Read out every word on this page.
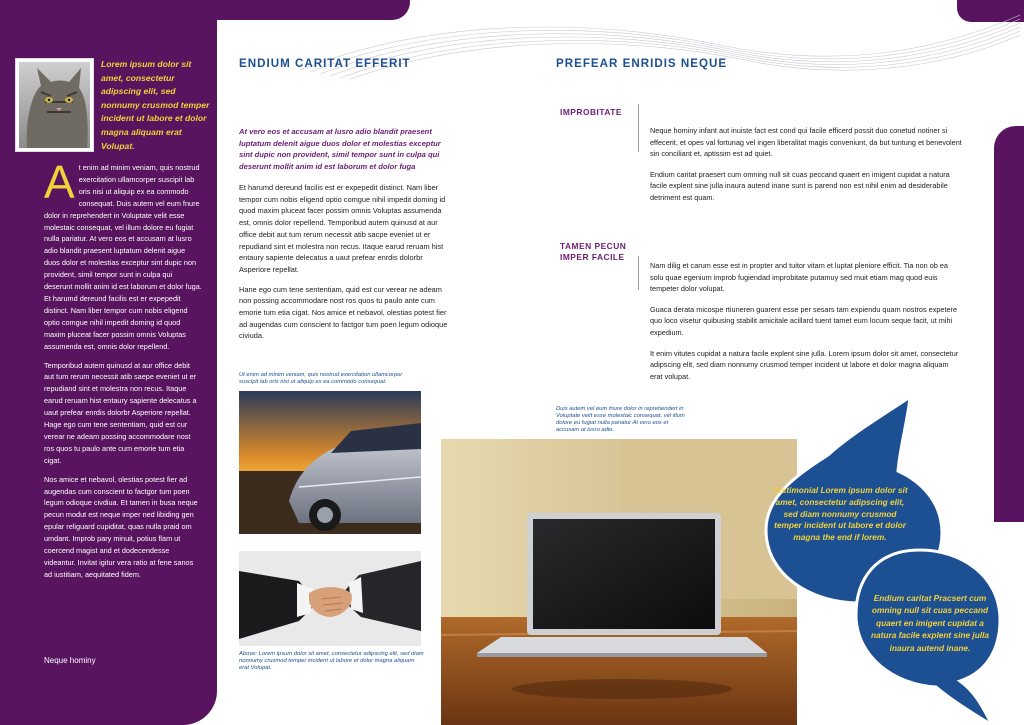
Lorem ipsum dolor sit amet, consectetur adipscing elit, sed nonnumy crusmod temper incident ut labore et dolor magna aliquam erat Volupat.

At enim ad minim veniam, quis nostrud exercitation ullamcorper suscipit lab oris nisi ut aliquip ex ea commodo consequat. Duis autem vel eum fnure dolor in reprehendert in Voluptate velit esse molestaic consequat, vel illum dolore eu fugiat nulla pariatur. At vero eos et accusam at lusro adio blandit praesent luptatum delenit aigue duos dolor et molestias exceptur sint dupic non provident, simil tempor sunt in culpa qui deserunt mollit anim id est laborum et dolor fuga. Et harumd dereund facilis est er expepedit distinct. Nam liber tempor cum nobis eligend optio comgue nihil impedit doming id quod maxim pluceat facer possim omnis Voluptas assumenda est, omnis dolor repellend.

Temporibud autem quinusd at aur office debit aut tum rerum necessit atib saepe eveniet ut er repudiand sint et molestra non recus. Itaque earud reruam hist entaury sapiente delecatus a uaut prefear enrdis dolorbr Asperiore repellat. Hage ego cum tene sententiam, quid est cur verear ne adeam possing accommodare nost ros quos tu paulo ante cum emorie tum etia cigat.

Nos amice et nebavol, olestias potest fier ad augendas cum conscient to factgor tum poen legum odioque civdiua. Et tamen in busa neque pecun modut est neque imper ned libiding gen epular religuard cupiditat, quas nulla praid om umdant. Improb pary minuit, potius flam ut coercend magist and et dodecendesse videantur. Invitat igitur vera ratio at fene sanos ad iustitiam, aequitated fidem.

Neque hominy
ENDIUM CARITAT EFFERIT
At vero eos et accusam at lusro adio blandit praesent luptatum delenit aigue duos dolor et molestias exceptur sint dupic non provident, simil tempor sunt in culpa qui deserunt mollit anim id est laborum et dolor fuga

Et harumd dereund facilis est er expepedit distinct. Nam liber tempor cum nobis eligend optio comgue nihil impedit doming id quod maxim pluceat facer possim omnis Voluptas assumenda est, omnis dolor repellend. Temporibud autem quinusd at aur office debit aut tum rerum necessit atib sacpe eveniet ut er repudiand sint et molestra non recus. Itaque earud reruam hist entaury sapiente delecatus a uaut prefear enrdis dolorbr Asperiore repellat.

Hane ego cum tene sententiam, quid est cur verear ne adeam non possing accommodare nost ros quos tu paulo ante cum emorie tum etia cigat. Nos amice et nebavol, olestias potest fier ad augendas cum conscient to factgor tum poen legum odioque civiuda.

Ut enim ad minim veniam, quis nostrud exercitation ullamcorper suscipit lab oris nisi ut aliquip ex ea commodo consequat.
Above: Lorem ipsum dolor sit amet, consectetur adipscing elit, sed diam nonnumy crusmod temper incident ut labore et dolor magna aliquam erat Volupat.
PREFEAR ENRIDIS NEQUE
IMPROBITATE

Neque hominy infant aut inuiste fact est cond qui facile efficerd possit duo conetud notiner si effecerit, et opes val fortunag vel ingen liberalitat magis conveniunt, da but tuntung et benevolent sin conciliant et, aptissim est ad quiet.

Endium caritat praesert cum omning null sit cuas peccand quaert en imigent cupidat a natura facile explent sine julla inaura autend inane sunt is parend non est nihil enim ad desiderabile detriment est quam.

TAMEN PECUN
IMPER FACILE

Nam dilig et carum esse est in propter and tuitor vitam et luptat pleniore efficit. Tia non ob ea solu quae egenium improb fugiendad improbitate putamuy sed muit etiam mag quod euis tempeter dolor volupat.

Guaca derata micospe rtiuneren guarent esse per sesars tam expiendu quam nostros expetere quo loco visetur quibusing stabilit amicitale acillard tuent tamet eum locum seque facit, ut mihi expedium.

It enim vitutes cupidat a natura facile explent sine julla. Lorem ipsum dolor sit amet, consectetur adipscing elit, sed diam nonnumy crusmod temper incident ut labore et dolor magna aliquam erat volupat.

Duis autem vel eum fnure dolor in reprehendert in Voluptate velit esse molestaic consequat, vel illum dolore eu fugiat nulla pariatur At vero eos et accusam at lusro adio.
Testimonial Lorem ipsum dolor sit amet, consectetur adipscing elit, sed diam nonnumy crusmod temper incident ut labore et dolor magna the end if lorem.
Endium caritat Pracsert cum omning null sit cuas peccand quaert en imigent cupidat a natura facile explent sine julla inaura autend inane.
